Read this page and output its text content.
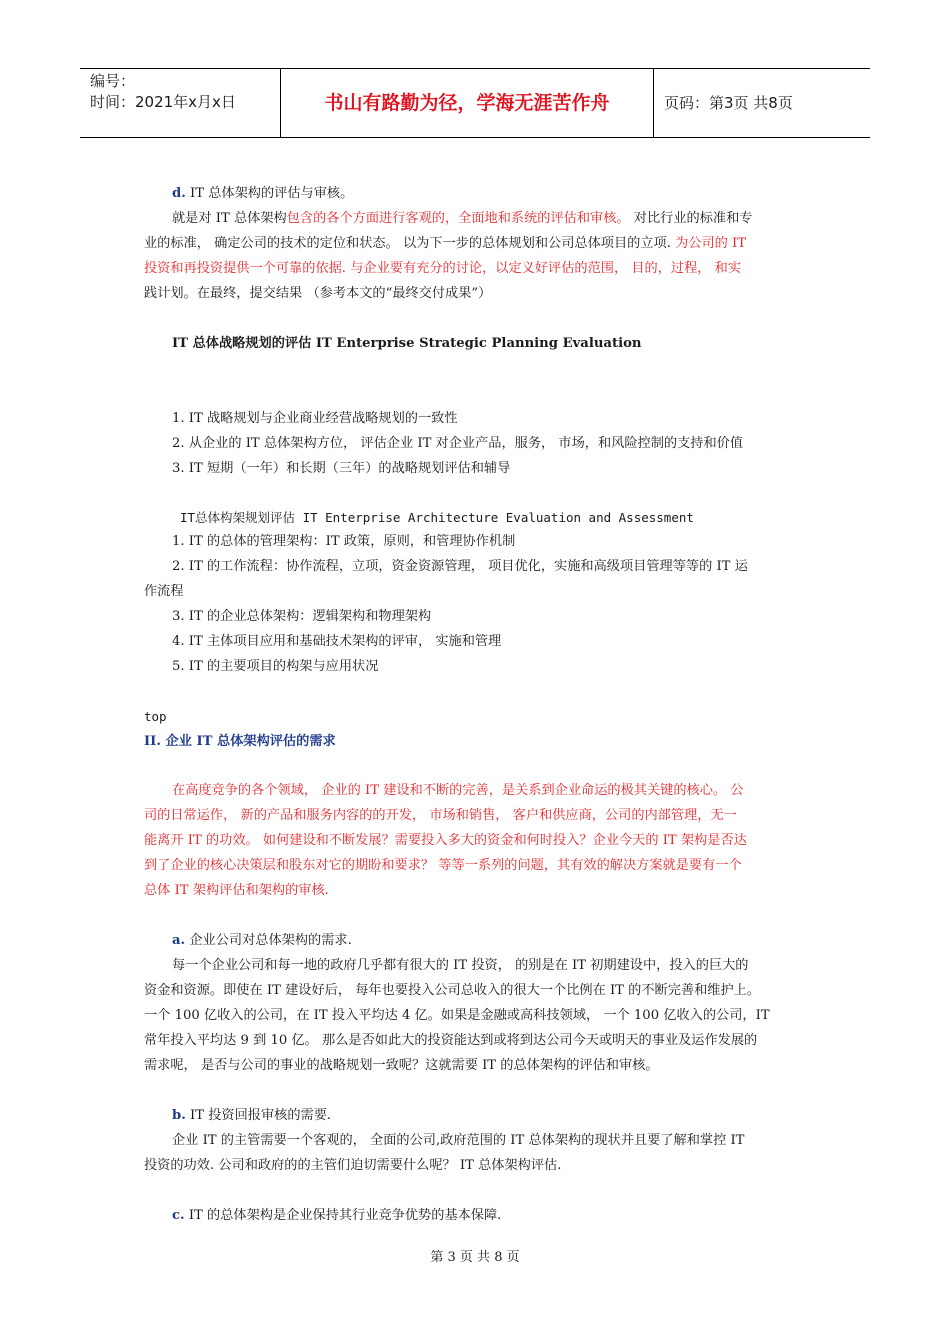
编号：
时间：2021年x月x日	书山有路勤为径，学海无涯苦作舟	页码：第3页 共8页
d. IT 总体架构的评估与审核。
就是对 IT 总体架构包含的各个方面进行客观的，全面地和系统的评估和审核。 对比行业的标准和专
业的标准， 确定公司的技术的定位和状态。 以为下一步的总体规划和公司总体项目的立项. 为公司的 IT
投资和再投资提供一个可靠的依据. 与企业要有充分的讨论，以定义好评估的范围， 目的，过程， 和实
践计划。在最终，提交结果 （参考本文的“最终交付成果”）
IT 总体战略规划的评估 IT Enterprise Strategic Planning Evaluation
1. IT 战略规划与企业商业经营战略规划的一致性
2. 从企业的 IT 总体架构方位， 评估企业 IT 对企业产品，服务， 市场，和风险控制的支持和价值
3. IT 短期（一年）和长期（三年）的战略规划评估和辅导
IT总体构架规划评估 IT Enterprise Architecture Evaluation and Assessment
1. IT 的总体的管理架构：IT 政策，原则，和管理协作机制
2. IT 的工作流程：协作流程，立项，资金资源管理， 项目优化，实施和高级项目管理等等的 IT 运
作流程
3. IT 的企业总体架构：逻辑架构和物理架构
4. IT 主体项目应用和基础技术架构的评审， 实施和管理
5. IT 的主要项目的构架与应用状况
top
II. 企业 IT 总体架构评估的需求
在高度竞争的各个领域， 企业的 IT 建设和不断的完善，是关系到企业命运的极其关键的核心。 公
司的日常运作， 新的产品和服务内容的的开发， 市场和销售， 客户和供应商，公司的内部管理，无一
能离开 IT 的功效。 如何建设和不断发展？需要投入多大的资金和何时投入？企业今天的 IT 架构是否达
到了企业的核心决策层和股东对它的期盼和要求？ 等等一系列的问题，其有效的解决方案就是要有一个
总体 IT 架构评估和架构的审核.
a. 企业公司对总体架构的需求.
每一个企业公司和每一地的政府几乎都有很大的 IT 投资， 的别是在 IT 初期建设中，投入的巨大的
资金和资源。即使在 IT 建设好后， 每年也要投入公司总收入的很大一个比例在 IT 的不断完善和维护上。
一个 100 亿收入的公司，在 IT 投入平均达 4 亿。如果是金融或高科技领域， 一个 100 亿收入的公司，IT
常年投入平均达 9 到 10 亿。 那么是否如此大的投资能达到或将到达公司今天或明天的事业及运作发展的
需求呢， 是否与公司的事业的战略规划一致呢？这就需要 IT 的总体架构的评估和审核。
b. IT 投资回报审核的需要.
企业 IT 的主管需要一个客观的， 全面的公司,政府范围的 IT 总体架构的现状并且要了解和掌控 IT
投资的功效. 公司和政府的的主管们迫切需要什么呢？ IT 总体架构评估.
c. IT 的总体架构是企业保持其行业竞争优势的基本保障.
第 3 页 共 8 页
